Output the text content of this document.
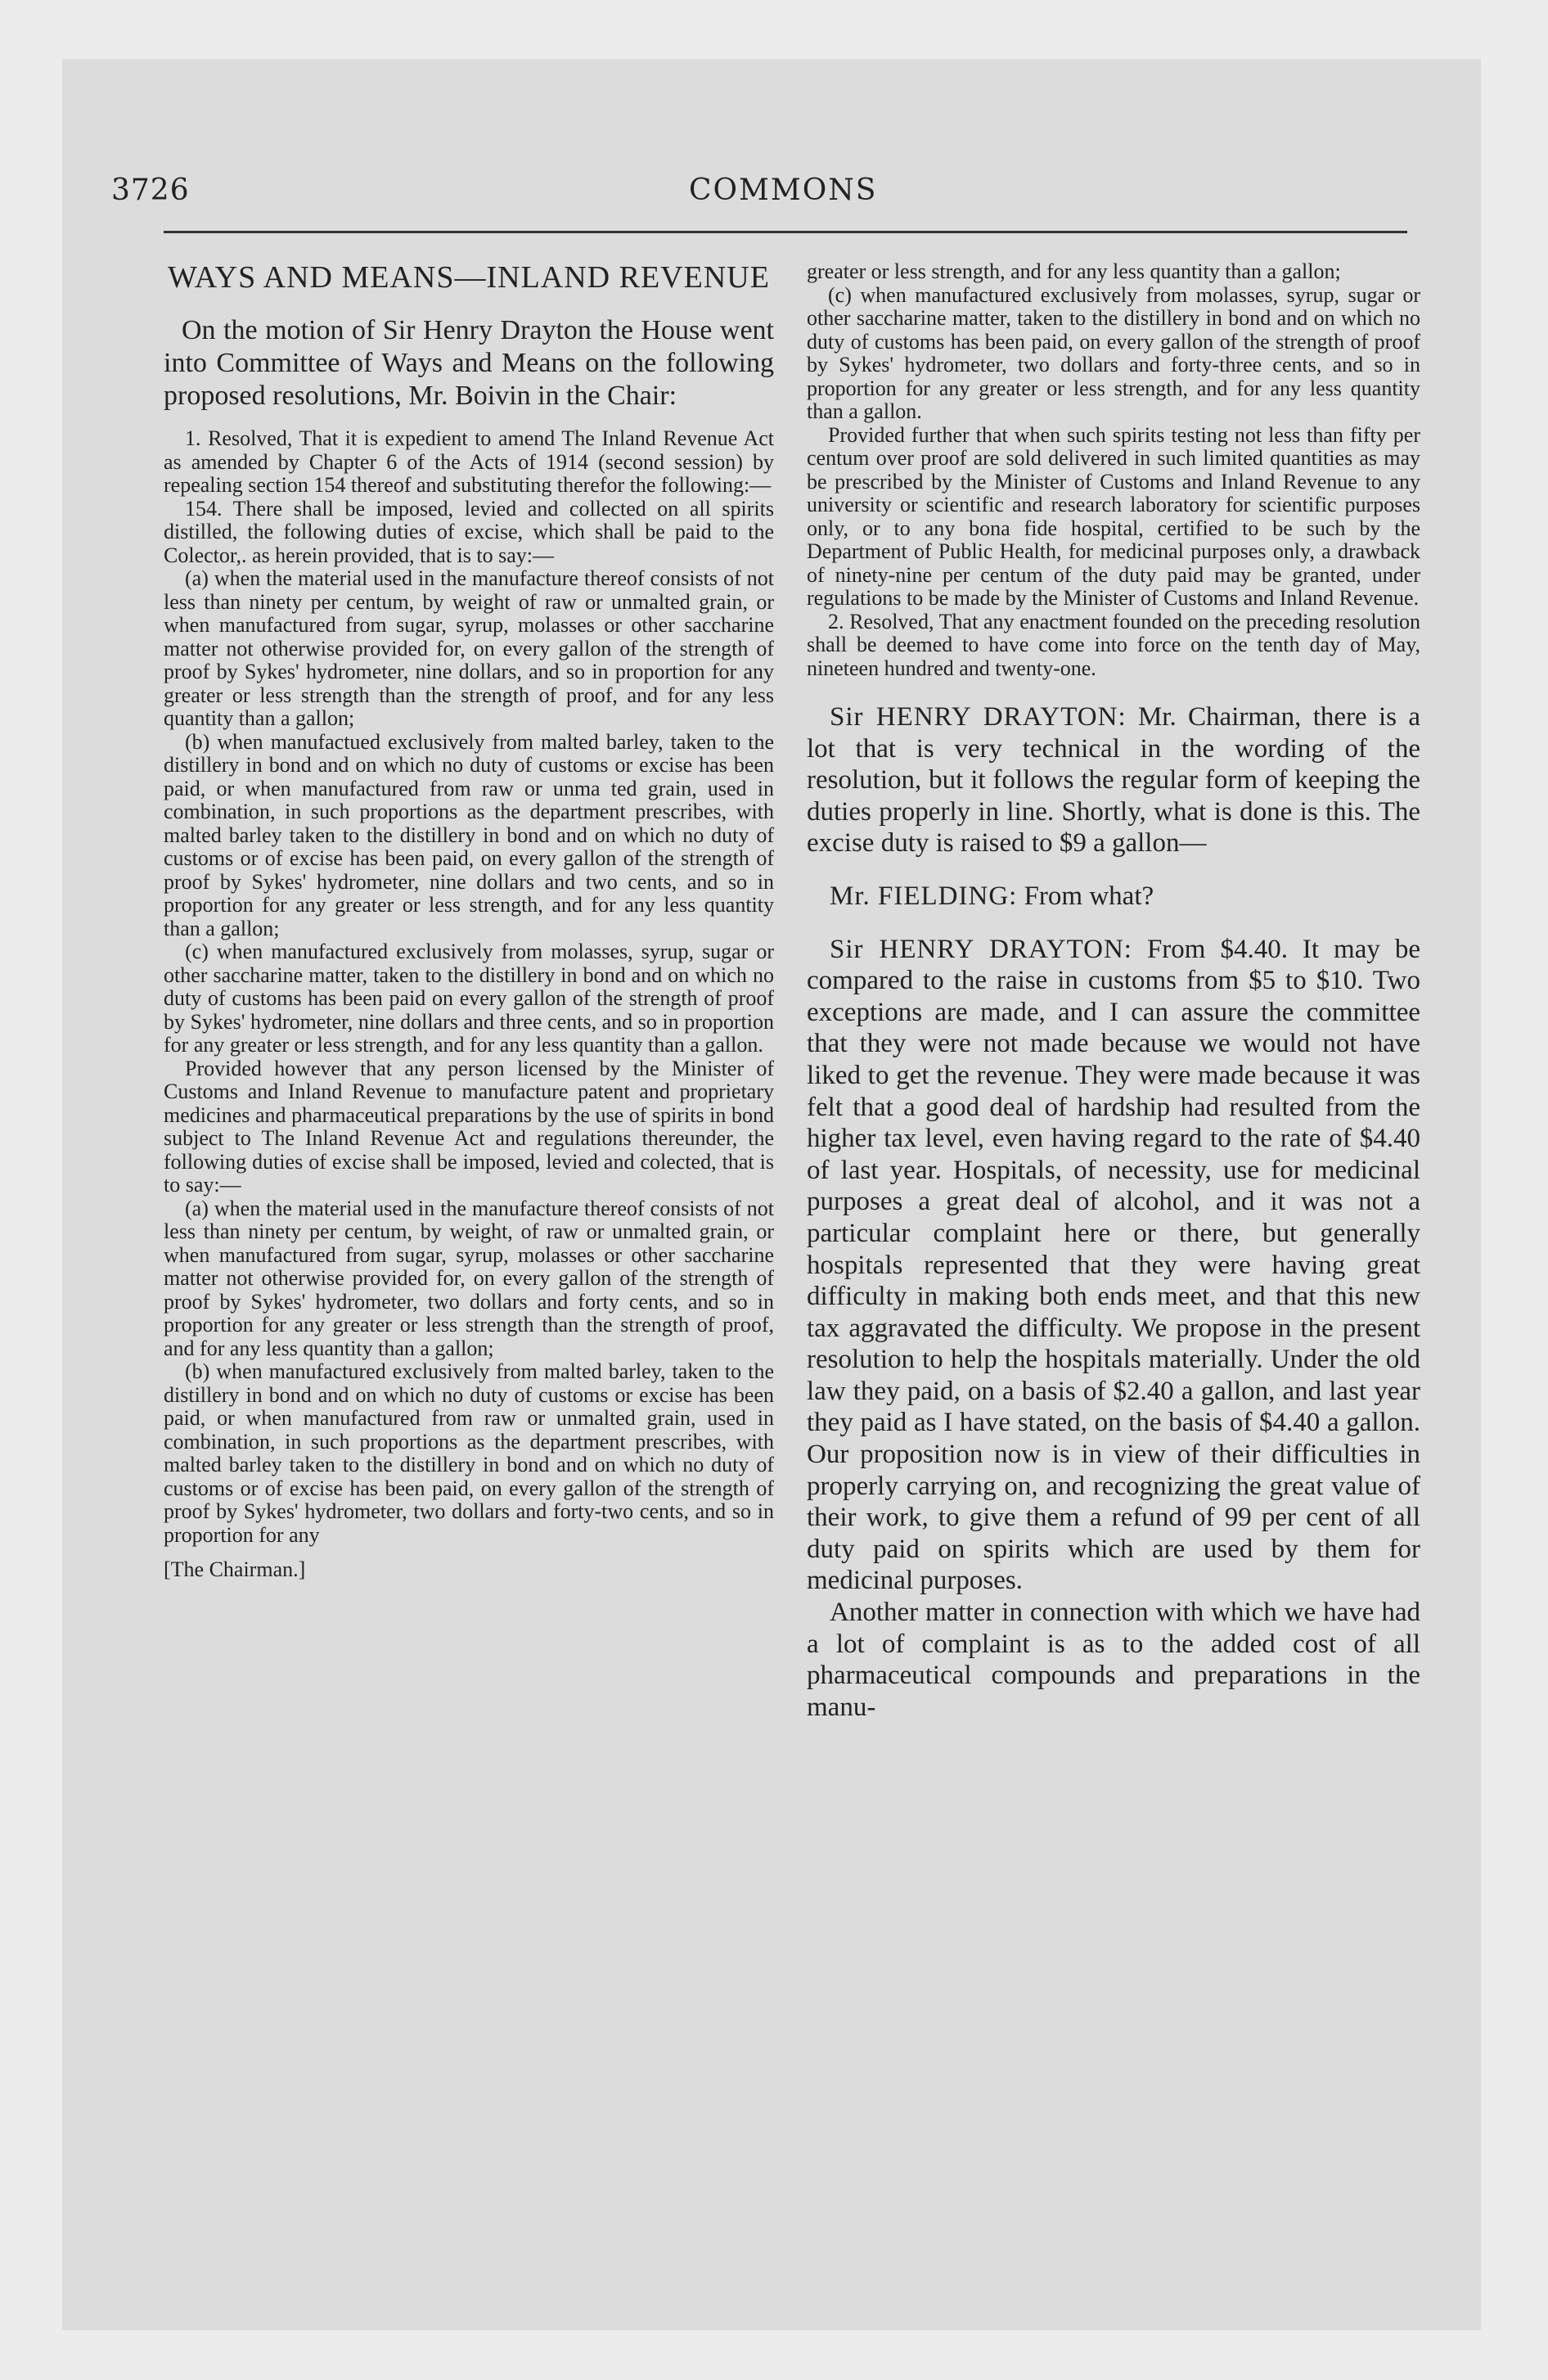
3726	COMMONS

WAYS AND MEANS—INLAND REVENUE

On the motion of Sir Henry Drayton the House went into Committee of Ways and Means on the following proposed resolutions, Mr. Boivin in the Chair:

1. Resolved, That it is expedient to amend The Inland Revenue Act as amended by Chapter 6 of the Acts of 1914 (second session) by repealing section 154 thereof and substituting therefor the following:—

154. There shall be imposed, levied and collected on all spirits distilled, the following duties of excise, which shall be paid to the Colector,. as herein provided, that is to say:—

(a) when the material used in the manufacture thereof consists of not less than ninety per centum, by weight of raw or unmalted grain, or when manufactured from sugar, syrup, molasses or other saccharine matter not otherwise provided for, on every gallon of the strength of proof by Sykes' hydrometer, nine dollars, and so in proportion for any greater or less strength than the strength of proof, and for any less quantity than a gallon;

(b) when manufactued exclusively from malted barley, taken to the distillery in bond and on which no duty of customs or excise has been paid, or when manufactured from raw or unma ted grain, used in combination, in such proportions as the department prescribes, with malted barley taken to the distillery in bond and on which no duty of customs or of excise has been paid, on every gallon of the strength of proof by Sykes' hydrometer, nine dollars and two cents, and so in proportion for any greater or less strength, and for any less quantity than a gallon;

(c) when manufactured exclusively from molasses, syrup, sugar or other saccharine matter, taken to the distillery in bond and on which no duty of customs has been paid on every gallon of the strength of proof by Sykes' hydrometer, nine dollars and three cents, and so in proportion for any greater or less strength, and for any less quantity than a gallon.

Provided however that any person licensed by the Minister of Customs and Inland Revenue to manufacture patent and proprietary medicines and pharmaceutical preparations by the use of spirits in bond subject to The Inland Revenue Act and regulations thereunder, the following duties of excise shall be imposed, levied and colected, that is to say:—

(a) when the material used in the manufacture thereof consists of not less than ninety per centum, by weight, of raw or unmalted grain, or when manufactured from sugar, syrup, molasses or other saccharine matter not otherwise provided for, on every gallon of the strength of proof by Sykes' hydrometer, two dollars and forty cents, and so in proportion for any greater or less strength than the strength of proof, and for any less quantity than a gallon;

(b) when manufactured exclusively from malted barley, taken to the distillery in bond and on which no duty of customs or excise has been paid, or when manufactured from raw or unmalted grain, used in combination, in such proportions as the department prescribes, with malted barley taken to the distillery in bond and on which no duty of customs or of excise has been paid, on every gallon of the strength of proof by Sykes' hydrometer, two dollars and forty-two cents, and so in proportion for any

[The Chairman.]

greater or less strength, and for any less quantity than a gallon;

(c) when manufactured exclusively from molasses, syrup, sugar or other saccharine matter, taken to the distillery in bond and on which no duty of customs has been paid, on every gallon of the strength of proof by Sykes' hydrometer, two dollars and forty-three cents, and so in proportion for any greater or less strength, and for any less quantity than a gallon.

Provided further that when such spirits testing not less than fifty per centum over proof are sold delivered in such limited quantities as may be prescribed by the Minister of Customs and Inland Revenue to any university or scientific and research laboratory for scientific purposes only, or to any bona fide hospital, certified to be such by the Department of Public Health, for medicinal purposes only, a drawback of ninety-nine per centum of the duty paid may be granted, under regulations to be made by the Minister of Customs and Inland Revenue.

2. Resolved, That any enactment founded on the preceding resolution shall be deemed to have come into force on the tenth day of May, nineteen hundred and twenty-one.

Sir HENRY DRAYTON: Mr. Chairman, there is a lot that is very technical in the wording of the resolution, but it follows the regular form of keeping the duties properly in line. Shortly, what is done is this. The excise duty is raised to $9 a gallon—

Mr. FIELDING: From what?

Sir HENRY DRAYTON: From $4.40. It may be compared to the raise in customs from $5 to $10. Two exceptions are made, and I can assure the committee that they were not made because we would not have liked to get the revenue. They were made because it was felt that a good deal of hardship had resulted from the higher tax level, even having regard to the rate of $4.40 of last year. Hospitals, of necessity, use for medicinal purposes a great deal of alcohol, and it was not a particular complaint here or there, but generally hospitals represented that they were having great difficulty in making both ends meet, and that this new tax aggravated the difficulty. We propose in the present resolution to help the hospitals materially. Under the old law they paid, on a basis of $2.40 a gallon, and last year they paid as I have stated, on the basis of $4.40 a gallon. Our proposition now is in view of their difficulties in properly carrying on, and recognizing the great value of their work, to give them a refund of 99 per cent of all duty paid on spirits which are used by them for medicinal purposes.

Another matter in connection with which we have had a lot of complaint is as to the added cost of all pharmaceutical compounds and preparations in the manu-
